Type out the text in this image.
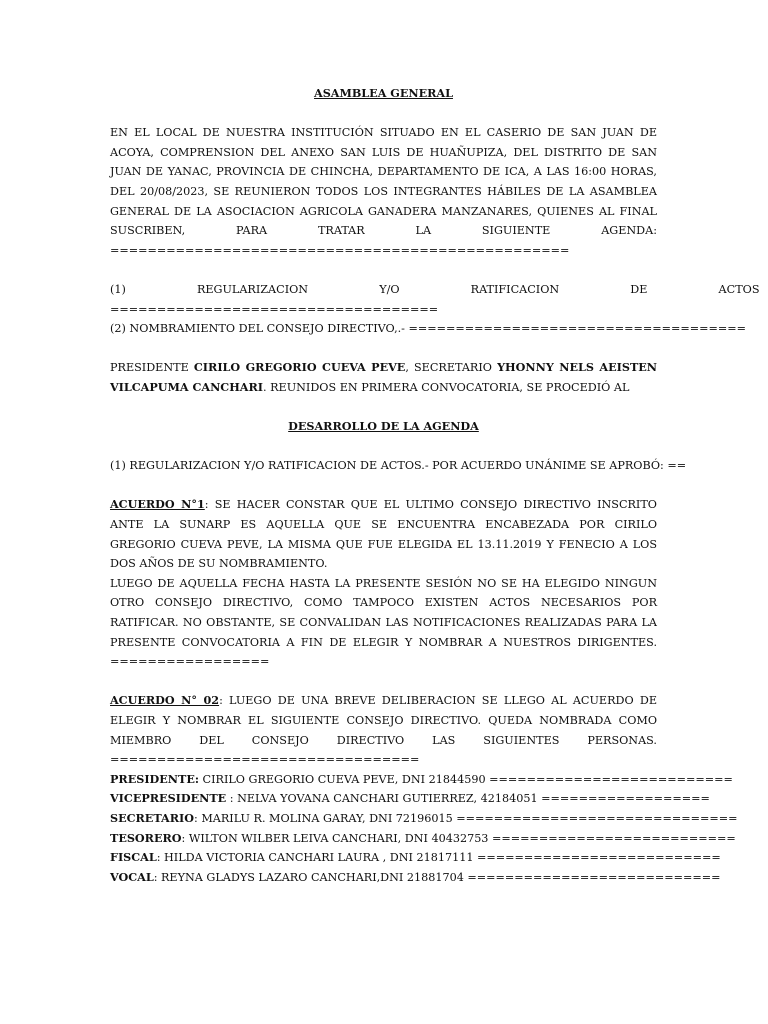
ASAMBLEA GENERAL

EN EL LOCAL DE NUESTRA INSTITUCIÓN SITUADO EN EL CASERIO DE SAN JUAN DE ACOYA, COMPRENSION DEL ANEXO SAN LUIS DE HUAÑUPIZA, DEL DISTRITO DE SAN JUAN DE YANAC, PROVINCIA DE CHINCHA, DEPARTAMENTO DE ICA, A LAS 16:00 HORAS, DEL 20/08/2023, SE REUNIERON TODOS LOS INTEGRANTES HÁBILES DE LA ASAMBLEA GENERAL DE LA ASOCIACION AGRICOLA GANADERA MANZANARES, QUIENES AL FINAL SUSCRIBEN, PARA TRATAR LA SIGUIENTE AGENDA: =================================================

(1)                    REGULARIZACION                    Y/O                    RATIFICACION                    DE                    ACTOS

===================================

(2) NOMBRAMIENTO DEL CONSEJO DIRECTIVO,.- ====================================

PRESIDENTE CIRILO GREGORIO CUEVA PEVE, SECRETARIO YHONNY NELS AEISTEN VILCAPUMA CANCHARI. REUNIDOS EN PRIMERA CONVOCATORIA, SE PROCEDIÓ AL

DESARROLLO DE LA AGENDA

(1) REGULARIZACION Y/O RATIFICACION DE ACTOS.- POR ACUERDO UNÁNIME SE APROBÓ: ==

ACUERDO N°1: SE HACER CONSTAR QUE EL ULTIMO CONSEJO DIRECTIVO INSCRITO ANTE LA SUNARP ES AQUELLA QUE SE ENCUENTRA ENCABEZADA POR CIRILO GREGORIO CUEVA PEVE, LA MISMA QUE FUE ELEGIDA EL 13.11.2019 Y FENECIO A LOS DOS AÑOS DE SU NOMBRAMIENTO.

LUEGO DE AQUELLA FECHA HASTA LA PRESENTE SESIÓN NO SE HA ELEGIDO NINGUN OTRO CONSEJO DIRECTIVO, COMO TAMPOCO EXISTEN ACTOS NECESARIOS POR RATIFICAR. NO OBSTANTE, SE CONVALIDAN LAS NOTIFICACIONES REALIZADAS PARA LA PRESENTE CONVOCATORIA A FIN DE ELEGIR Y NOMBRAR A NUESTROS DIRIGENTES. =================

ACUERDO N° 02: LUEGO DE UNA BREVE DELIBERACION SE LLEGO AL ACUERDO DE ELEGIR Y NOMBRAR EL SIGUIENTE CONSEJO DIRECTIVO. QUEDA NOMBRADA COMO MIEMBRO DEL CONSEJO DIRECTIVO LAS SIGUIENTES PERSONAS. =================================

PRESIDENTE: CIRILO GREGORIO CUEVA PEVE, DNI 21844590 ==========================

VICEPRESIDENTE : NELVA YOVANA CANCHARI GUTIERREZ, 42184051 ==================

SECRETARIO: MARILU R. MOLINA GARAY, DNI 72196015 ==============================

TESORERO: WILTON WILBER LEIVA CANCHARI, DNI 40432753 ==========================

FISCAL: HILDA VICTORIA CANCHARI LAURA , DNI 21817111 ==========================

VOCAL: REYNA GLADYS LAZARO CANCHARI,DNI 21881704 ===========================
